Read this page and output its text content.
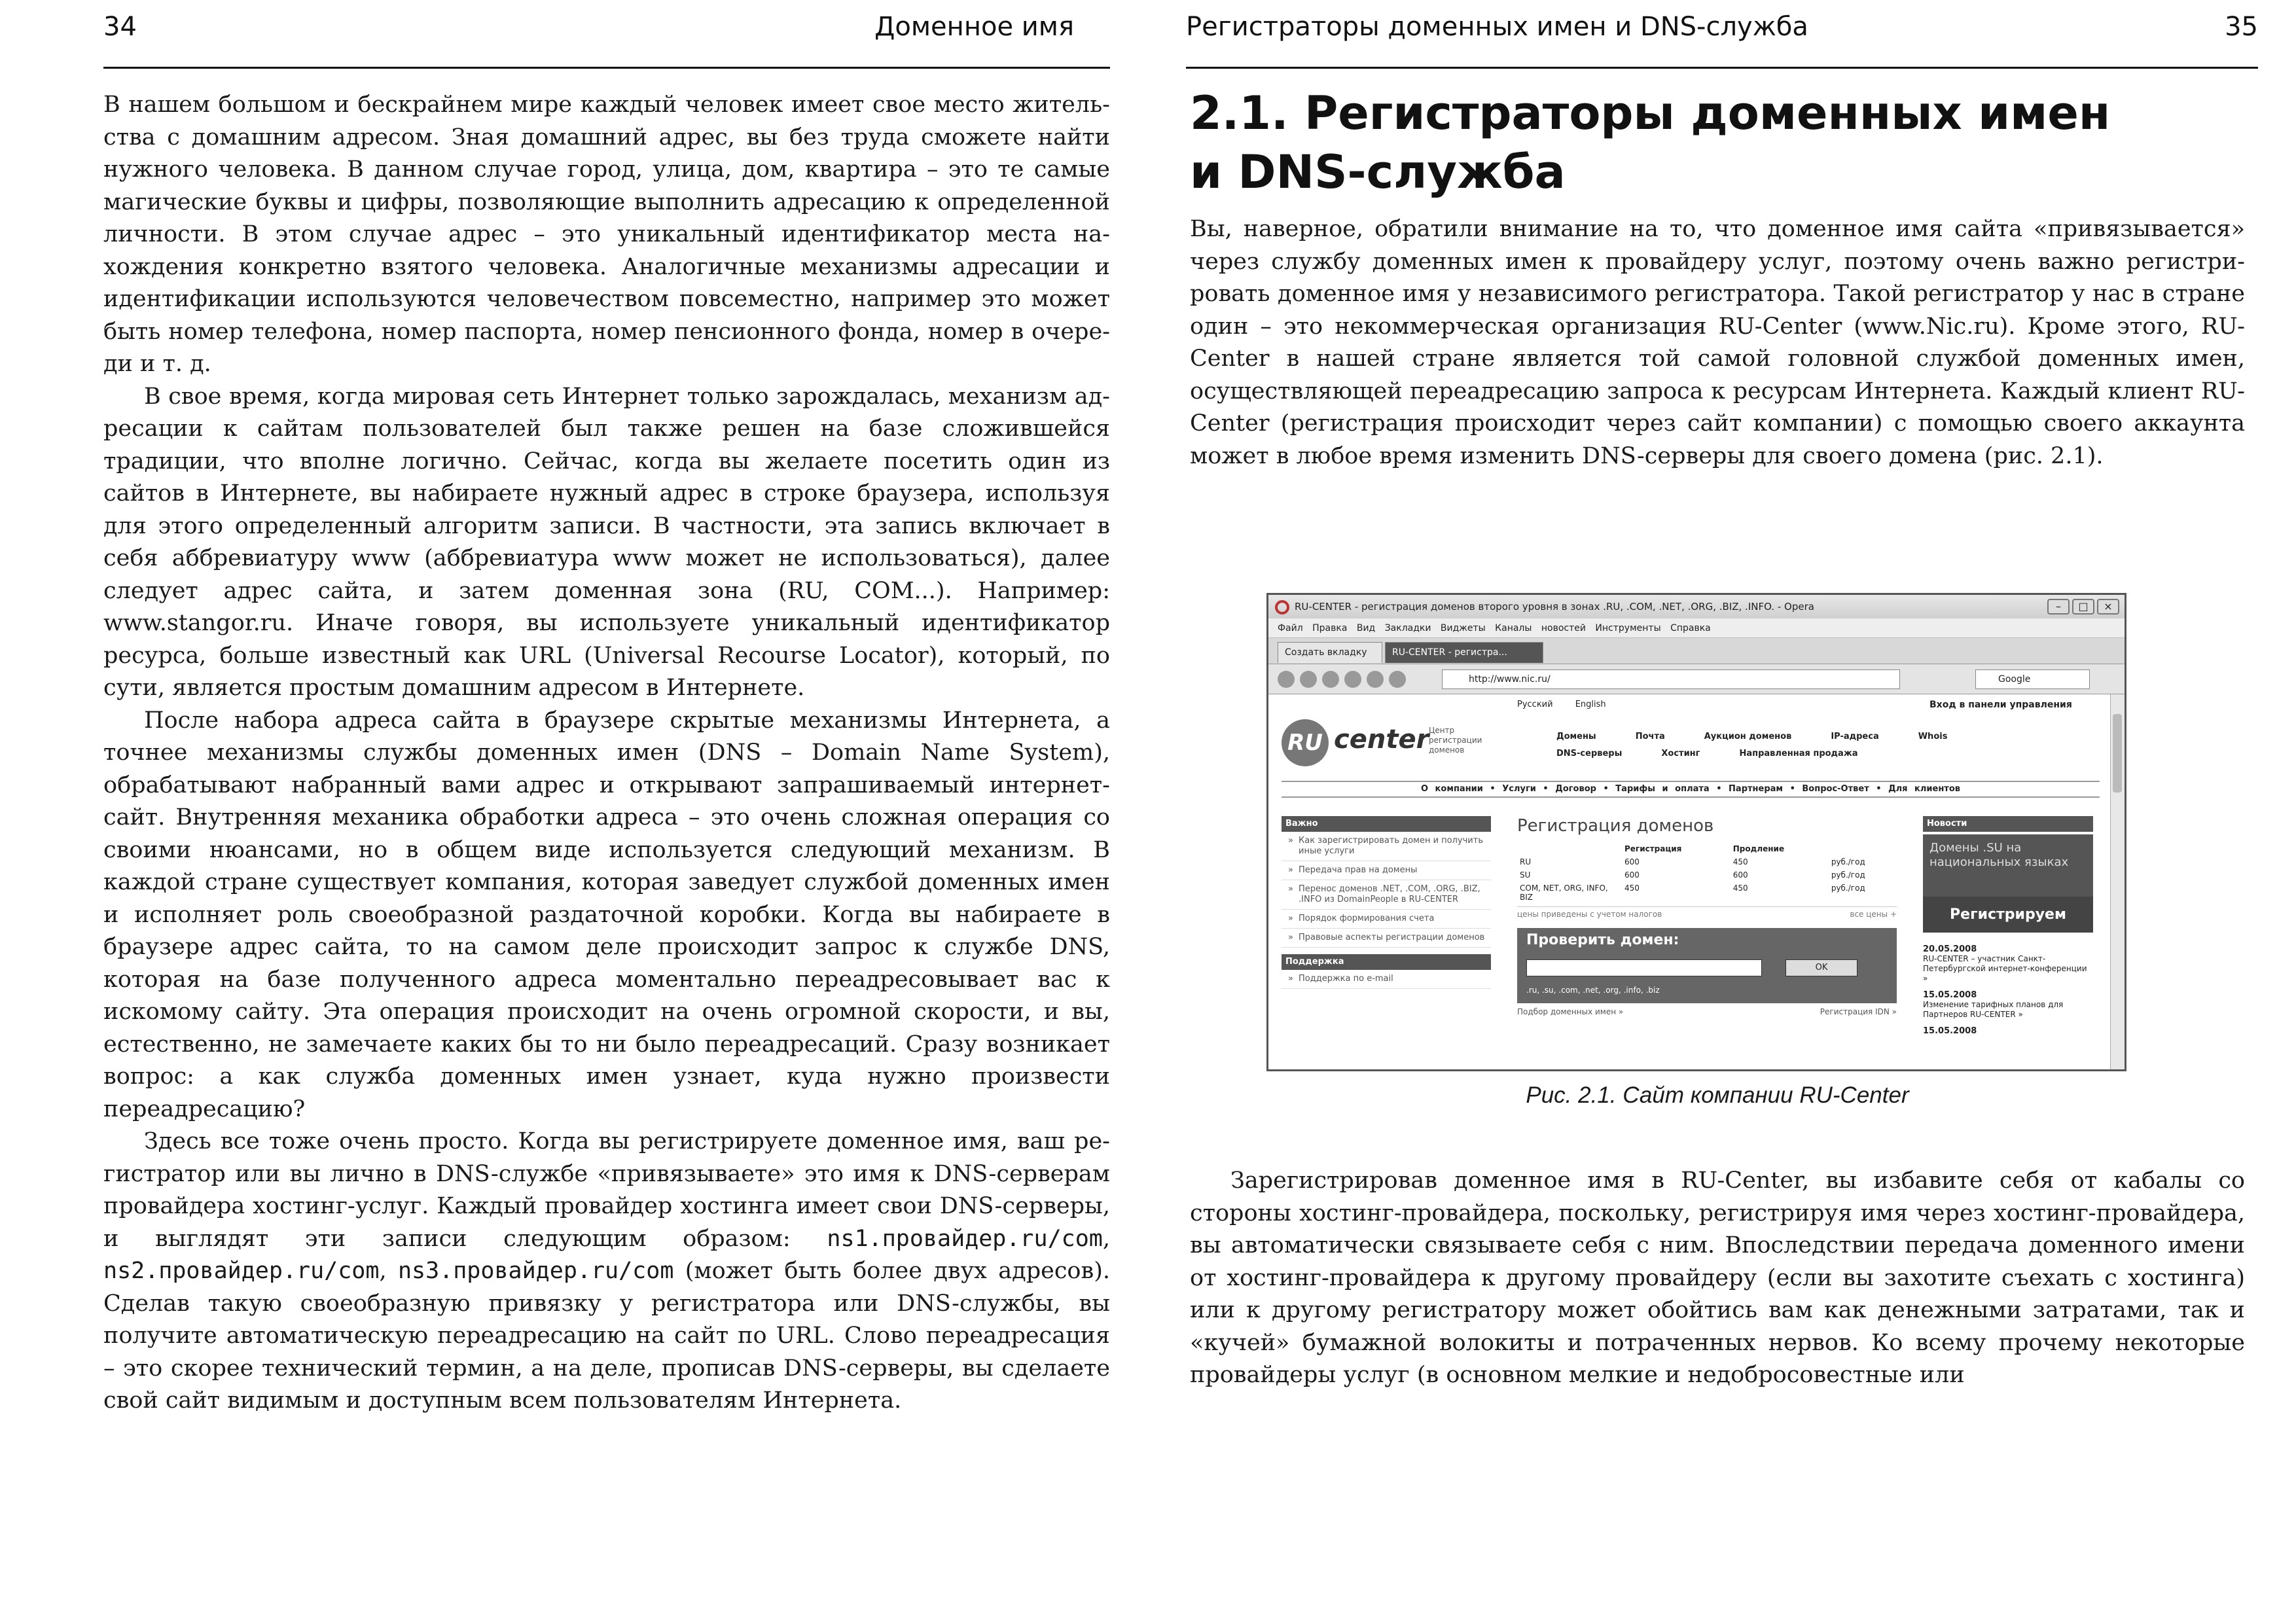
34	Доменное имя

В нашем большом и бескрайнем мире каждый человек имеет свое место жительства с домашним адресом. Зная домашний адрес, вы без труда сможете найти нужного человека. В данном случае город, улица, дом, квартира – это те самые магические буквы и цифры, позволяющие выполнить адресацию к определенной личности. В этом случае адрес – это уникальный идентификатор места нахождения конкретно взятого человека. Аналогичные механизмы адресации и идентификации используются человечеством повсеместно, например это может быть номер телефона, номер паспорта, номер пенсионного фонда, номер в очереди и т. д.

В свое время, когда мировая сеть Интернет только зарождалась, механизм адресации к сайтам пользователей был также решен на базе сложившейся традиции, что вполне логично. Сейчас, когда вы желаете посетить один из сайтов в Интернете, вы набираете нужный адрес в строке браузера, используя для этого определенный алгоритм записи. В частности, эта запись включает в себя аббревиатуру www (аббревиатура www может не использоваться), далее следует адрес сайта, и затем доменная зона (RU, COM...). Например: www.stangor.ru. Иначе говоря, вы используете уникальный идентификатор ресурса, больше известный как URL (Universal Recourse Locator), который, по сути, является простым домашним адресом в Интернете.

После набора адреса сайта в браузере скрытые механизмы Интернета, а точнее механизмы службы доменных имен (DNS – Domain Name System), обрабатывают набранный вами адрес и открывают запрашиваемый интернет-сайт. Внутренняя механика обработки адреса – это очень сложная операция со своими нюансами, но в общем виде используется следующий механизм. В каждой стране существует компания, которая заведует службой доменных имен и исполняет роль своеобразной раздаточной коробки. Когда вы набираете в браузере адрес сайта, то на самом деле происходит запрос к службе DNS, которая на базе полученного адреса моментально переадресовывает вас к искомому сайту. Эта операция происходит на очень огромной скорости, и вы, естественно, не замечаете каких бы то ни было переадресаций. Сразу возникает вопрос: а как служба доменных имен узнает, куда нужно произвести переадресацию?

Здесь все тоже очень просто. Когда вы регистрируете доменное имя, ваш регистратор или вы лично в DNS-службе «привязываете» это имя к DNS-серверам провайдера хостинг-услуг. Каждый провайдер хостинга имеет свои DNS-серверы, и выглядят эти записи следующим образом: ns1.провайдер.ru/com, ns2.провайдер.ru/com, ns3.провайдер.ru/com (может быть более двух адресов). Сделав такую своеобразную привязку у регистратора или DNS-службы, вы получите автоматическую переадресацию на сайт по URL. Слово переадресация – это скорее технический термин, а на деле, прописав DNS-серверы, вы сделаете свой сайт видимым и доступным всем пользователям Интернета.

Регистраторы доменных имен и DNS-служба	35
2.1. Регистраторы доменных имен
и DNS-служба

Вы, наверное, обратили внимание на то, что доменное имя сайта «привязывается» через службу доменных имен к провайдеру услуг, поэтому очень важно регистрировать доменное имя у независимого регистратора. Такой регистратор у нас в стране один – это некоммерческая организация RU-Center (www.Nic.ru). Кроме этого, RU-Center в нашей стране является той самой головной службой доменных имен, осуществляющей переадресацию запроса к ресурсам Интернета. Каждый клиент RU-Center (регистрация происходит через сайт компании) с помощью своего аккаунта может в любое время изменить DNS-серверы для своего домена (рис. 2.1).

Рис. 2.1. Сайт компании RU-Center

Зарегистрировав доменное имя в RU-Center, вы избавите себя от кабалы со стороны хостинг-провайдера, поскольку, регистрируя имя через хостинг-провайдера, вы автоматически связываете себя с ним. Впоследствии передача доменного имени от хостинг-провайдера к другому провайдеру (если вы захотите съехать с хостинга) или к другому регистратору может обойтись вам как денежными затратами, так и «кучей» бумажной волокиты и потраченных нервов. Ко всему прочему некоторые провайдеры услуг (в основном мелкие и недобросовестные или

RU-CENTER - регистрация доменов второго уровня в зонах .RU, .COM, .NET, .ORG, .BIZ, .INFO. - Opera	–	□	×
Файл Правка Вид Закладки Виджеты Каналы новостей Инструменты Справка
Создать вкладку	RU-CENTER - регистра...
http://www.nic.ru/	Google
Русский English	Вход в панели управления
RU center Центр регистрации доменов
Домены	Почта	Аукцион доменов	IP-адреса	Whois
DNS-серверы	Хостинг	Направленная продажа
О компании • Услуги • Договор • Тарифы и оплата • Партнерам • Вопрос-Ответ • Для клиентов
Важно
» Как зарегистрировать домен и получить иные услуги
» Передача прав на домены
» Перенос доменов .NET, .COM, .ORG, .BIZ, .INFO из DomainPeople в RU-CENTER
» Порядок формирования счета
» Правовые аспекты регистрации доменов
Поддержка
» Поддержка по e-mail
Регистрация доменов
	Регистрация	Продление	
RU	600	450	руб./год
SU	600	600	руб./год
COM, NET, ORG, INFO, BIZ	450	450	руб./год
цены приведены с учетом налогов	все цены +
Проверить домен:
OK
.ru, .su, .com, .net, .org, .info, .biz
Подбор доменных имен »	Регистрация IDN »
Новости
Домены .SU на национальных языках
Регистрируем

20.05.2008
RU-CENTER – участник Санкт-Петербургской интернет-конференции »

15.05.2008
Изменение тарифных планов для Партнеров RU-CENTER »

15.05.2008
